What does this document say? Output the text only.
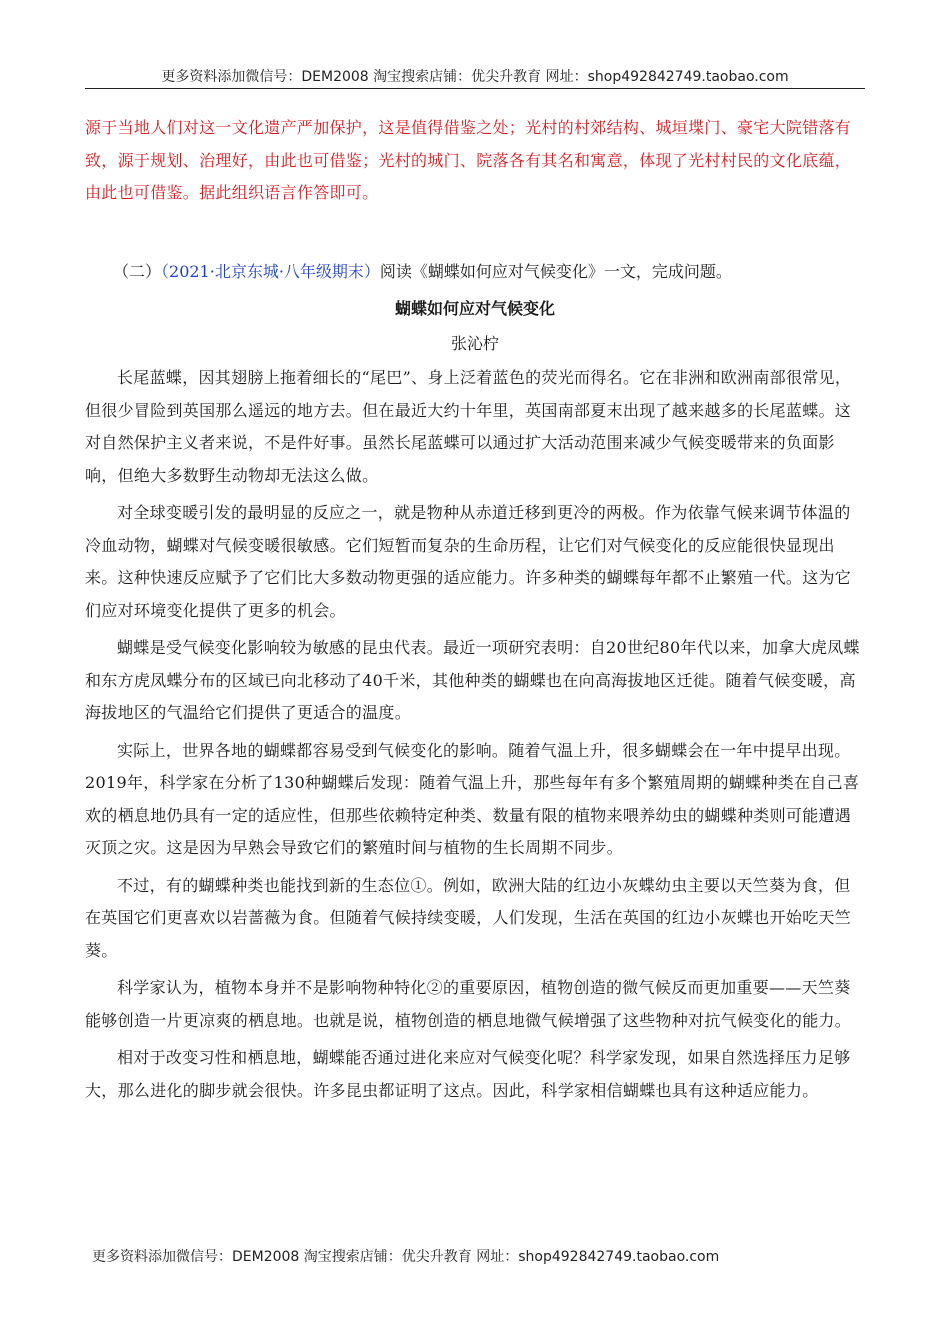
更多资料添加微信号：DEM2008 淘宝搜索店铺：优尖升教育 网址：shop492842749.taobao.com
源于当地人们对这一文化遗产严加保护，这是值得借鉴之处；光村的村郊结构、城垣堞门、豪宅大院错落有致，源于规划、治理好，由此也可借鉴；光村的城门、院落各有其名和寓意，体现了光村村民的文化底蕴，由此也可借鉴。据此组织语言作答即可。
（二）（2021·北京东城·八年级期末）阅读《蝴蝶如何应对气候变化》一文，完成问题。
蝴蝶如何应对气候变化
张沁柠

长尾蓝蝶，因其翅膀上拖着细长的“尾巴”、身上泛着蓝色的荧光而得名。它在非洲和欧洲南部很常见，但很少冒险到英国那么遥远的地方去。但在最近大约十年里，英国南部夏末出现了越来越多的长尾蓝蝶。这对自然保护主义者来说，不是件好事。虽然长尾蓝蝶可以通过扩大活动范围来减少气候变暖带来的负面影响，但绝大多数野生动物却无法这么做。

对全球变暖引发的最明显的反应之一，就是物种从赤道迁移到更冷的两极。作为依靠气候来调节体温的冷血动物，蝴蝶对气候变暖很敏感。它们短暂而复杂的生命历程，让它们对气候变化的反应能很快显现出来。这种快速反应赋予了它们比大多数动物更强的适应能力。许多种类的蝴蝶每年都不止繁殖一代。这为它们应对环境变化提供了更多的机会。

蝴蝶是受气候变化影响较为敏感的昆虫代表。最近一项研究表明：自20世纪80年代以来，加拿大虎凤蝶和东方虎凤蝶分布的区域已向北移动了40千米，其他种类的蝴蝶也在向高海拔地区迁徙。随着气候变暖，高海拔地区的气温给它们提供了更适合的温度。

实际上，世界各地的蝴蝶都容易受到气候变化的影响。随着气温上升，很多蝴蝶会在一年中提早出现。2019年，科学家在分析了130种蝴蝶后发现：随着气温上升，那些每年有多个繁殖周期的蝴蝶种类在自己喜欢的栖息地仍具有一定的适应性，但那些依赖特定种类、数量有限的植物来喂养幼虫的蝴蝶种类则可能遭遇灭顶之灾。这是因为早熟会导致它们的繁殖时间与植物的生长周期不同步。

不过，有的蝴蝶种类也能找到新的生态位①。例如，欧洲大陆的红边小灰蝶幼虫主要以天竺葵为食，但在英国它们更喜欢以岩蔷薇为食。但随着气候持续变暖，人们发现，生活在英国的红边小灰蝶也开始吃天竺葵。

科学家认为，植物本身并不是影响物种特化②的重要原因，植物创造的微气候反而更加重要——天竺葵能够创造一片更凉爽的栖息地。也就是说，植物创造的栖息地微气候增强了这些物种对抗气候变化的能力。

相对于改变习性和栖息地，蝴蝶能否通过进化来应对气候变化呢？科学家发现，如果自然选择压力足够大，那么进化的脚步就会很快。许多昆虫都证明了这点。因此，科学家相信蝴蝶也具有这种适应能力。

更多资料添加微信号：DEM2008 淘宝搜索店铺：优尖升教育 网址：shop492842749.taobao.com
